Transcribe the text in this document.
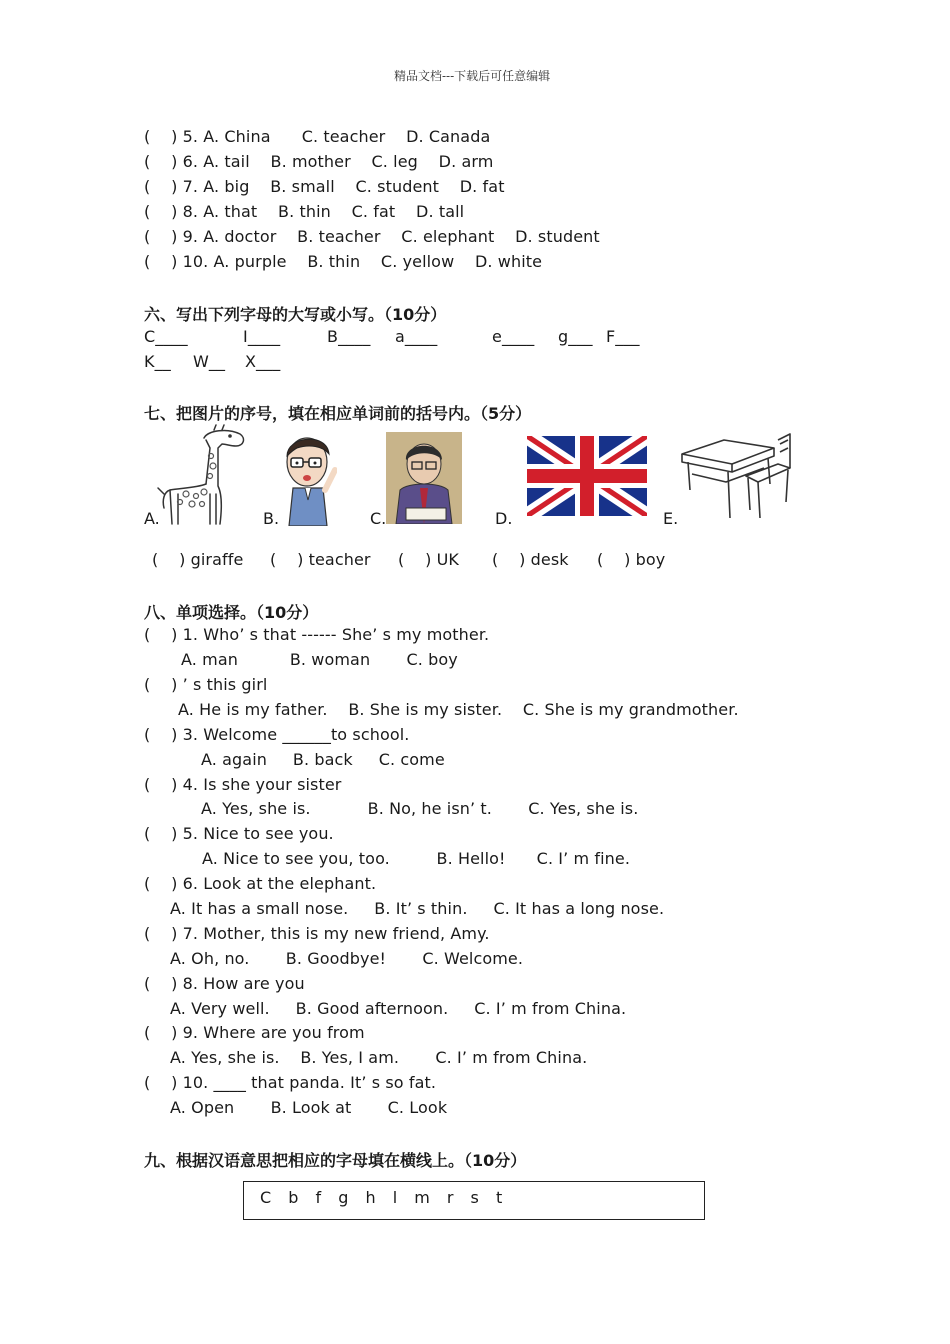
精品文档---下载后可任意编辑
(    ) 5. A. China      C. teacher    D. Canada
(    ) 6. A. tail    B. mother    C. leg    D. arm
(    ) 7. A. big    B. small    C. student    D. fat
(    ) 8. A. that    B. thin    C. fat    D. tall
(    ) 9. A. doctor    B. teacher    C. elephant    D. student
(    ) 10. A. purple    B. thin    C. yellow    D. white
六、写出下列字母的大写或小写。（10分）
C____	I____	B____ a____	e____ g___ F___
K__ W__ X___
七、把图片的序号，填在相应单词前的括号内。（5分）
A.	B.	C.	D.	E.
(    ) giraffe (    ) teacher (    ) UK (    ) desk (    ) boy
八、单项选择。（10分）
(    ) 1. Who’ s that ------ She’ s my mother.
A. man          B. woman       C. boy
(    ) ’ s this girl
A. He is my father.    B. She is my sister.    C. She is my grandmother.
(    ) 3. Welcome ______to school.
A. again     B. back     C. come
(    ) 4. Is she your sister
A. Yes, she is.           B. No, he isn’ t.       C. Yes, she is.
(    ) 5. Nice to see you.
A. Nice to see you, too.         B. Hello!      C. I’ m fine.
(    ) 6. Look at the elephant.
A. It has a small nose.     B. It’ s thin.     C. It has a long nose.
(    ) 7. Mother, this is my new friend, Amy.
A. Oh, no.       B. Goodbye!       C. Welcome.
(    ) 8. How are you
A. Very well.     B. Good afternoon.     C. I’ m from China.
(    ) 9. Where are you from
A. Yes, she is.    B. Yes, I am.       C. I’ m from China.
(    ) 10. ____ that panda. It’ s so fat.
A. Open       B. Look at       C. Look
九、根据汉语意思把相应的字母填在横线上。（10分）
C b f g h l m r s t
